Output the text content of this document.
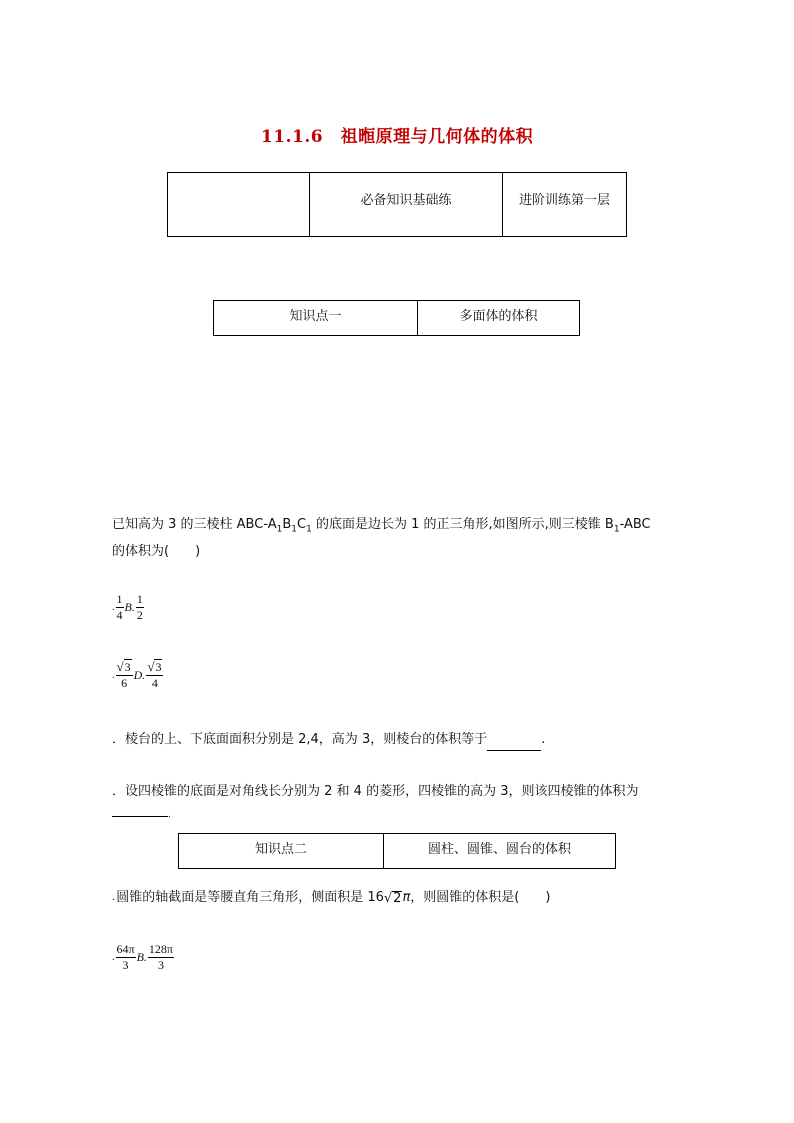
11.1.6　祖暅原理与几何体的体积
	必备知识基础练	进阶训练第一层
知识点一	多面体的体积
已知高为 3 的三棱柱 ABC-$A_1B_1C_1$ 的底面是边长为 1 的正三角形,如图所示,则三棱锥 $B_1$-ABC
的体积为(　　)
. $\frac{1}{4} B$. $\frac{1}{2}$
. $\frac{√ 3}{6} D$. $\frac{√ 3}{4}$
．棱台的上、下底面面积分别是 2,4，高为 3，则棱台的体积等于	.
．设四棱锥的底面是对角线长分别为 2 和 4 的菱形，四棱锥的高为 3，则该四棱锥的体积为
.
知识点二	圆柱、圆锥、圆台的体积
. 圆锥的轴截面是等腰直角三角形，侧面积是 16 √ 2 π ，则圆锥的体积是(　　)
. $\frac{64\pi}{3} B$. $\frac{128\pi}{3}$
